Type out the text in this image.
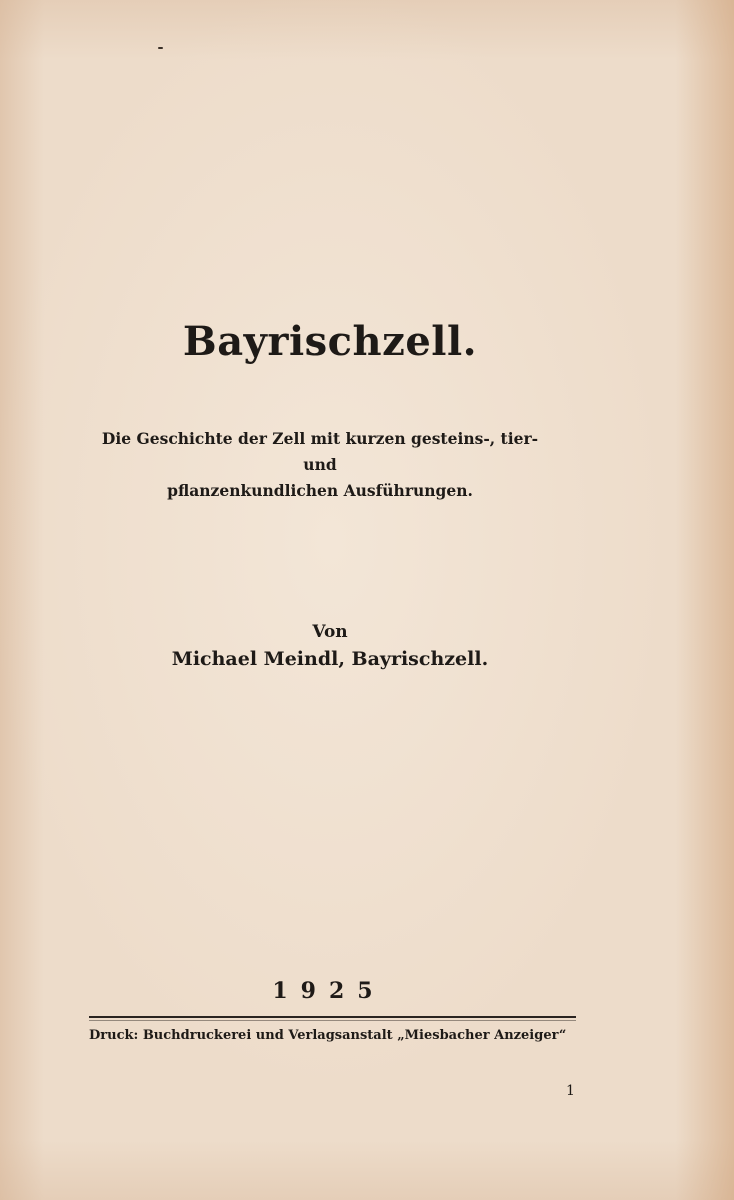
Bayrischzell.
Die Geschichte der Zell mit kurzen gesteins-, tier- und
pflanzenkundlichen Ausführungen.
Von
Michael Meindl, Bayrischzell.
1925
Druck: Buchdruckerei und Verlagsanstalt „Miesbacher Anzeiger“
1
